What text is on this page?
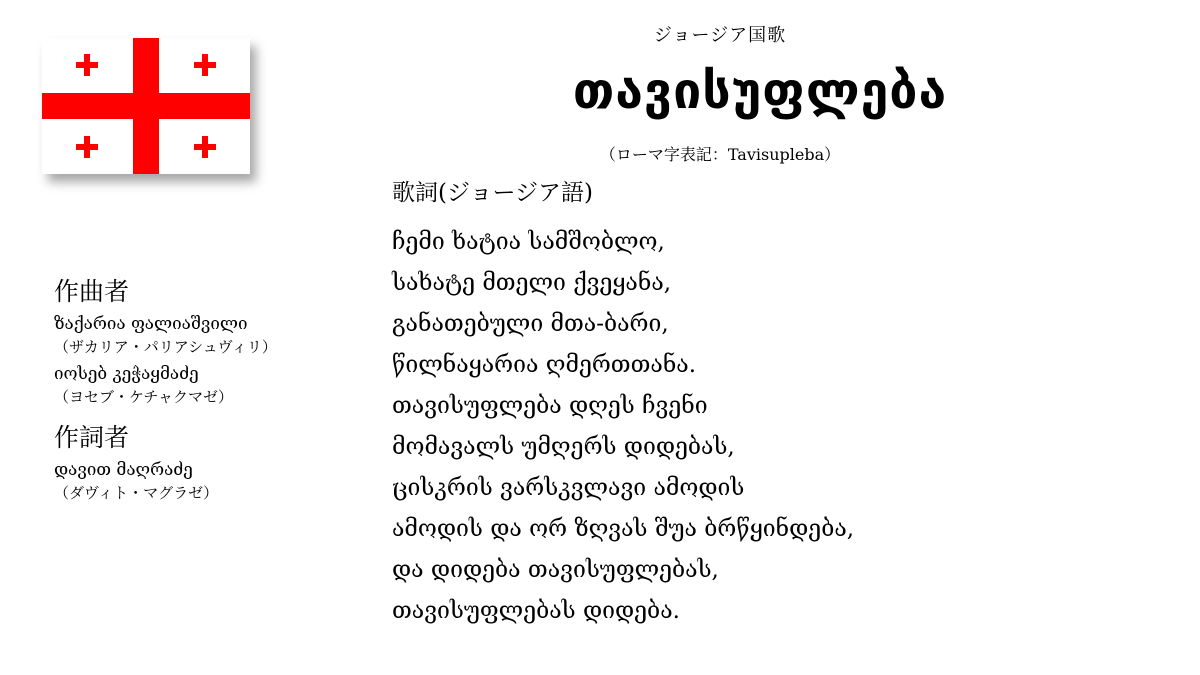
ジョージア国歌
თავისუფლება
（ローマ字表記：Tavisupleba）
歌詞(ジョージア語)
ჩემი ხატია სამშობლო,
სახატე მთელი ქვეყანა,
განათებული მთა-ბარი,
წილნაყარია ღმერთთანა.
თავისუფლება დღეს ჩვენი
მომავალს უმღერს დიდებას,
ცისკრის ვარსკვლავი ამოდის
ამოდის და ორ ზღვას შუა ბრწყინდება,
და დიდება თავისუფლებას,
თავისუფლებას დიდება.
作曲者
ზაქარია ფალიაშვილი
（ザカリア・パリアシュヴィリ）
იოსებ კეჭაყმაძე
（ヨセブ・ケチャクマゼ）
作詞者
დავით მაღრაძე
（ダヴィト・マグラゼ）
